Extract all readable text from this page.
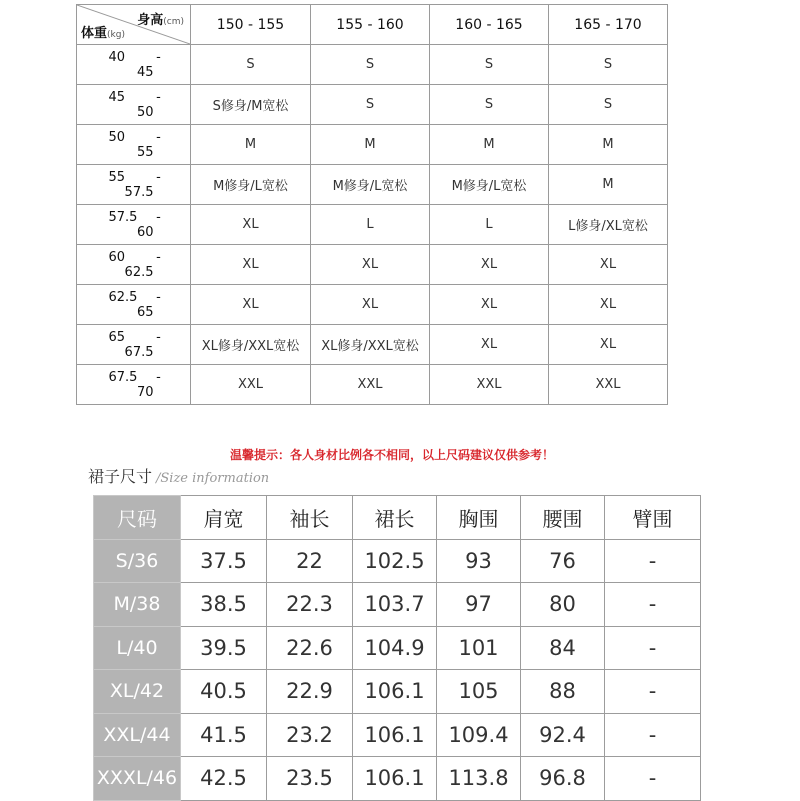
身高(cm)
体重(kg)	150 - 155	155 - 160	160 - 165	165 - 170
40 -45	S	S	S	S
45 -50	S修身/M宽松	S	S	S
50 -55	M	M	M	M
55 -57.5	M修身/L宽松	M修身/L宽松	M修身/L宽松	M
57.5 -60	XL	L	L	L修身/XL宽松
60 -62.5	XL	XL	XL	XL
62.5 -65	XL	XL	XL	XL
65 -67.5	XL修身/XXL宽松	XL修身/XXL宽松	XL	XL
67.5 -70	XXL	XXL	XXL	XXL
温馨提示：各人身材比例各不相同，以上尺码建议仅供参考！
裙子尺寸 /Size information
尺码	肩宽	袖长	裙长	胸围	腰围	臂围
S/36	37.5	22	102.5	93	76	-
M/38	38.5	22.3	103.7	97	80	-
L/40	39.5	22.6	104.9	101	84	-
XL/42	40.5	22.9	106.1	105	88	-
XXL/44	41.5	23.2	106.1	109.4	92.4	-
XXXL/46	42.5	23.5	106.1	113.8	96.8	-
